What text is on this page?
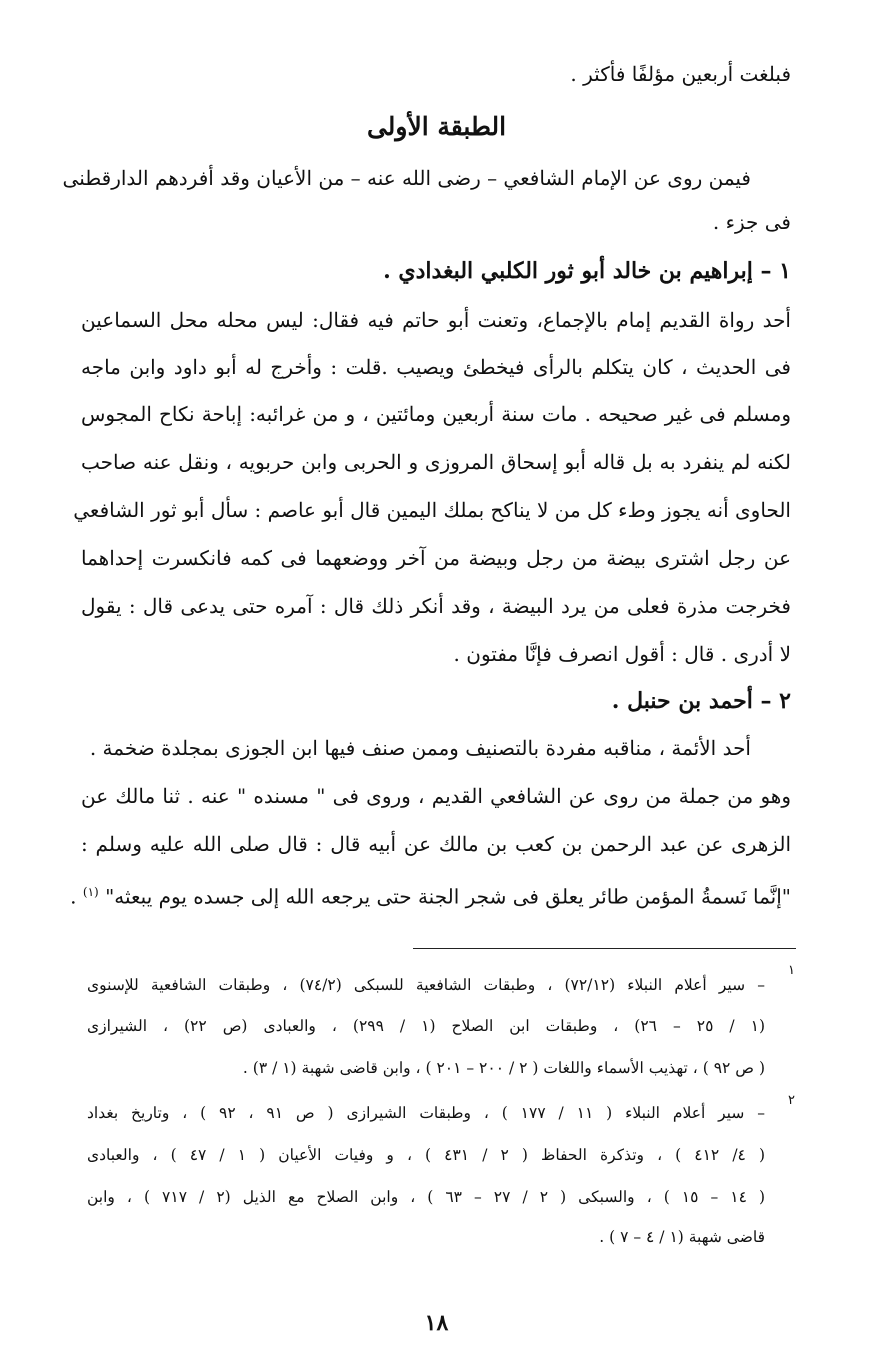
فبلغت أربعين مؤلفًا فأكثر .
الطبقة الأولى
فيمن روى عن الإمام الشافعي – رضى الله عنه – من الأعيان وقد أفردهم الدارقطنى
فى جزء .
١ – إبراهيم بن خالد أبو ثور الكلبي البغدادي .
أحد رواة القديم إمام بالإجماع، وتعنت أبو حاتم فيه فقال: ليس محله محل السماعين
فى الحديث ، كان يتكلم بالرأى فيخطئ ويصيب .قلت : وأخرج له أبو داود وابن ماجه
ومسلم فى غير صحيحه . مات سنة أربعين ومائتين ، و من غرائبه: إباحة نكاح المجوس
لكنه لم ينفرد به بل قاله أبو إسحاق المروزى و الحربى وابن حربويه ، ونقل عنه صاحب
الحاوى أنه يجوز وطء كل من لا يناكح بملك اليمين قال أبو عاصم : سأل أبو ثور الشافعي
عن رجل اشترى بيضة من رجل وبيضة من آخر ووضعهما فى كمه فانكسرت إحداهما
فخرجت مذرة فعلى من يرد البيضة ، وقد أنكر ذلك قال : آمره حتى يدعى قال : يقول
لا أدرى . قال : أقول انصرف فإنَّا مفتون .
٢ – أحمد بن حنبل .
أحد الأئمة ، مناقبه مفردة بالتصنيف وممن صنف فيها ابن الجوزى بمجلدة ضخمة .
وهو من جملة من روى عن الشافعي القديم ، وروى فى " مسنده " عنه . ثنا مالك عن
الزهرى عن عبد الرحمن بن كعب بن مالك عن أبيه قال : قال صلى الله عليه وسلم :
"إنَّما نَسمةُ المؤمن طائر يعلق فى شجر الجنة حتى يرجعه الله إلى جسده يوم يبعثه" $^{(١)}$ .
١
– سير أعلام النبلاء (٧٢/١٢) ، وطبقات الشافعية للسبكى (٧٤/٢) ، وطبقات الشافعية للإسنوى
(١ / ٢٥ – ٢٦) ، وطبقات ابن الصلاح (١ / ٢٩٩) ، والعبادى (ص ٢٢) ، الشيرازى
( ص ٩٢ ) ، تهذيب الأسماء واللغات ( ٢ / ٢٠٠ – ٢٠١ ) ، وابن قاضى شهبة (١ / ٣) .
٢
– سير أعلام النبلاء ( ١١ / ١٧٧ ) ، وطبقات الشيرازى ( ص ٩١ ، ٩٢ ) ، وتاريخ بغداد
( ٤/ ٤١٢ ) ، وتذكرة الحفاظ ( ٢ / ٤٣١ ) ، و وفيات الأعيان ( ١ / ٤٧ ) ، والعبادى
( ١٤ – ١٥ ) ، والسبكى ( ٢ / ٢٧ – ٦٣ ) ، وابن الصلاح مع الذيل (٢ / ٧١٧ ) ، وابن
قاضى شهبة (١ / ٤ – ٧ ) .
١٨
